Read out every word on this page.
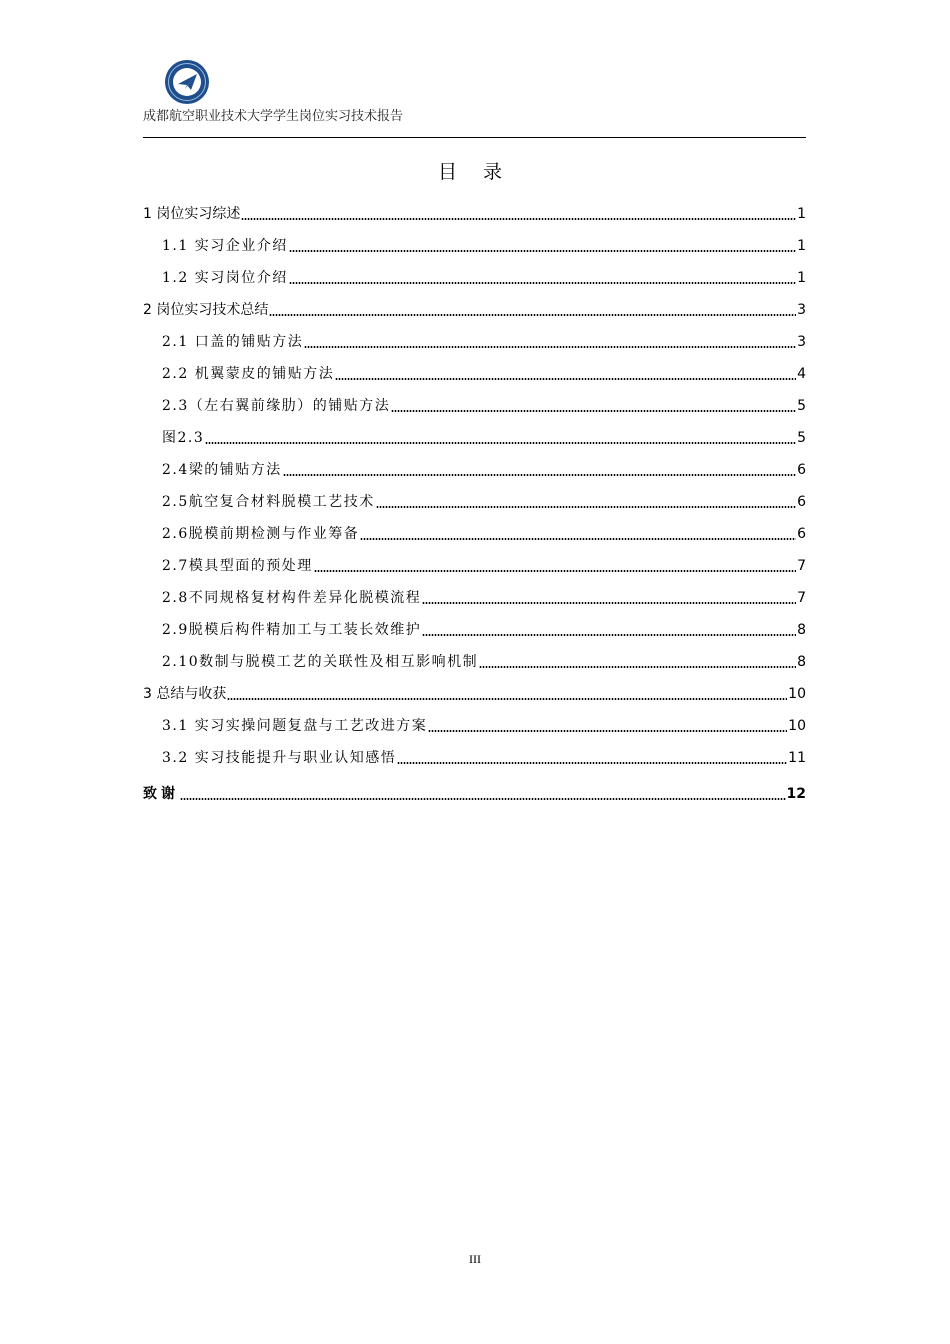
成都航空职业技术大学学生岗位实习技术报告
目 录
1 岗位实习综述	1
1.1 实习企业介绍	1
1.2 实习岗位介绍	1
2 岗位实习技术总结	3
2.1 口盖的铺贴方法	3
2.2 机翼蒙皮的铺贴方法	4
2.3（左右翼前缘肋）的铺贴方法	5
图2.3	5
2.4梁的铺贴方法	6
2.5航空复合材料脱模工艺技术	6
2.6脱模前期检测与作业筹备	6
2.7模具型面的预处理	7
2.8不同规格复材构件差异化脱模流程	7
2.9脱模后构件精加工与工装长效维护	8
2.10数制与脱模工艺的关联性及相互影响机制	8
3 总结与收获	10
3.1 实习实操问题复盘与工艺改进方案	10
3.2 实习技能提升与职业认知感悟	11
致谢	12
III
